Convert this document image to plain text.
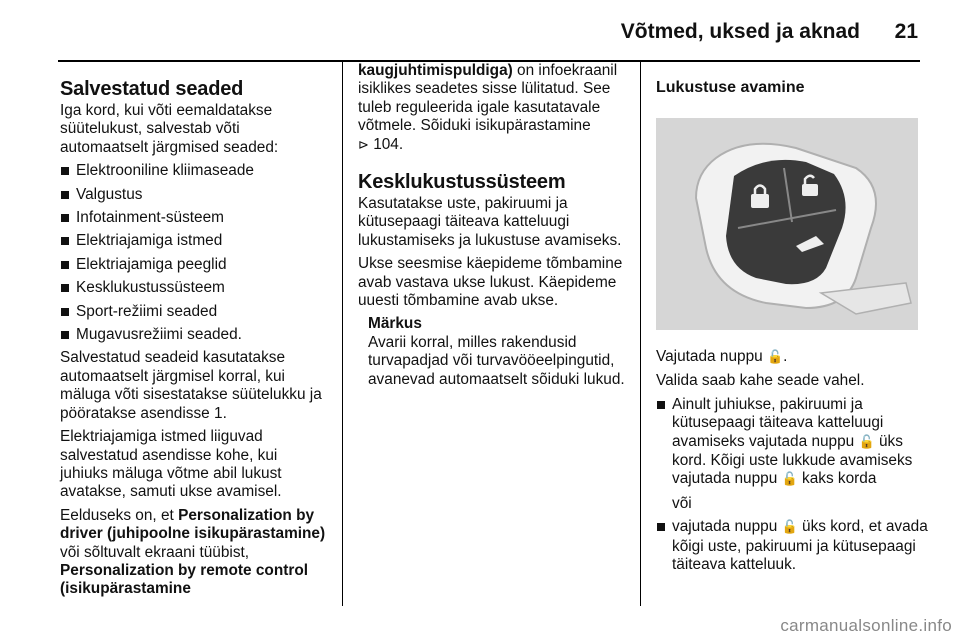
Võtmed, uksed ja aknad 21
Salvestatud seaded

Iga kord, kui võti eemaldatakse süütelukust, salvestab võti automaatselt järgmised seaded:

Elektrooniline kliimaseade
Valgustus
Infotainment-süsteem
Elektriajamiga istmed
Elektriajamiga peeglid
Kesklukustussüsteem
Sport-režiimi seaded
Mugavusrežiimi seaded.

Salvestatud seadeid kasutatakse automaatselt järgmisel korral, kui mäluga võti sisestatakse süütelukku ja pööratakse asendisse 1.

Elektriajamiga istmed liiguvad salvestatud asendisse kohe, kui juhiuks mäluga võtme abil lukust avatakse, samuti ukse avamisel.

Eelduseks on, et Personalization by driver (juhipoolne isikupärastamine) või sõltuvalt ekraani tüübist, Personalization by remote control (isikupärastamine

kaugjuhtimispuldiga) on infoekraanil isiklikes seadetes sisse lülitatud. See tuleb reguleerida igale kasutatavale võtmele. Sõiduki isikupärastamine
⊳ 104.

Kesklukustussüsteem

Kasutatakse uste, pakiruumi ja kütusepaagi täiteava katteluugi lukustamiseks ja lukustuse avamiseks.

Ukse seesmise käepideme tõmbamine avab vastava ukse lukust. Käepideme uuesti tõmbamine avab ukse.

Märkus
Avarii korral, milles rakendusid turvapadjad või turvavööeelpingutid, avanevad automaatselt sõiduki lukud.
Lukustuse avamine

Vajutada nuppu 🔓.

Valida saab kahe seade vahel.

Ainult juhiukse, pakiruumi ja kütusepaagi täiteava katteluugi avamiseks vajutada nuppu 🔓 üks kord. Kõigi uste lukkude avamiseks vajutada nuppu 🔓 kaks korda
või
vajutada nuppu 🔓 üks kord, et avada kõigi uste, pakiruumi ja kütusepaagi täiteava katteluuk.
carmanualsonline.info
